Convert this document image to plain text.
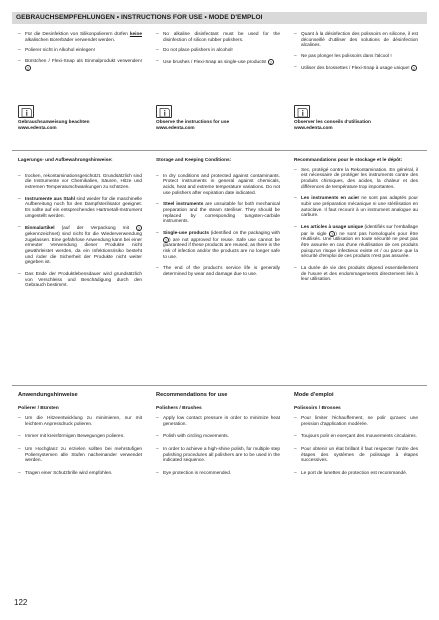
GEBRAUCHSEMPFEHLUNGEN • INSTRUCTIONS FOR USE • MODE D'EMPLOI
– Für die Desinfektion von Silikonpolierern dürfen keine alkalischen Borerbäder verwendet werden.
– Polierer nicht in Alkohol einlegen!
– Bürstchen / Flexi-Snap als Einmalprodukt verwenden! 2
– No alkaline disinfectant must be used for the disinfection of silicon rubber polishers.
– Do not place polishers in alcohol!
– Use brushes / Flexi-Snap as single-use products! 2
– Quant à la désinfection des polissoirs en silicone, il est déconseillé d'utiliser des solutions de désinfection alcalines.
– Ne pas plonger les polissoirs dans l'alcool !
– Utiliser des brossettes / Flexi-Snap à usage unique! 2
Gebrauchsanweisung beachten
www.edenta.com
Observe the instructions for use
www.edenta.com
Observer les conseils d'utilisation
www.edenta.com
Lagerungs- und Aufbewahrungshinweise:
– trocken, rekontaminationsgeschützt. Grundsätzlich sind die Instrumente vor Chemikalien, Säuren, Hitze und extremen Temperaturschwankungen zu schützen.
– Instrumente aus Stahl sind wieder für die maschinelle Aufbereitung noch für den Dampfsterilisator geeignet. Es sollte auf ein entsprechendes Hartmetall-Instrument umgestellt werden.
– Einmalartikel (auf der Verpackung mit 2 gekennzeichnet) sind nicht für die Wiederverwendung zugelassen. Eine gefahrlose Anwendung kann bei einer erneuter Verwendung dieser Produkte nicht gewährleistet werden, da ein Infektionsrisiko besteht und /oder die Sicherheit der Produkte nicht weiter gegeben ist.
– Das Ende der Produktlebensdauer wird grundsätzlich von Verschleiss und Beschädigung durch den Gebrauch bestimmt.
Storage and Keeping Conditions:
– In dry conditions and protected against contaminants. Protect instruments in general against chemicals, acids, heat and extreme temperature variations. Do not use polishers after expiration date indicated.
– Steel instruments are unsuitable for both mechanical preparation and the steam steriliser. They should be replaced by corresponding tungsten-carbide instruments.
– Single-use products (identified on the packaging with 2 ) are not approved for reuse. Safe use cannot be guaranteed if these products are reused, as there is the risk of infection and/or the products are no longer safe to use.
– The end of the product's service life is generally determined by wear and damage due to use.
Recommandations pour le stockage et le dépôt:
– Sec, protégé contre la Rekontamination. En général, il est nécessaire de protéger les instruments contre des produits chimiques, des acides, la chaleur et des différences de température trop importantes.
– Les instruments en acier ne sont pas adaptés pour subir une préparation mécanique ni une stérilisation en autoclave. Il faut recourir à un instrument analogue au carbure.
– Les articles à usage unique (identifiés sur l'emballage par le sigle 2 ) ne sont pas homologués pour être réutilisés. Une utilisation en toute sécurité ne peut pas être assurée en cas d'une réutilisation de ces produits puisqu'un risque infectieux existe et / ou parce que la sécurité d'emploi de ces produits n'est pas assurée.
– La durée de vie des produits dépend essentiellement de l'usure et des endommagements directement liés à leur utilisation.
Anwendungshinweise
Polierer / Bürsten
– Um die Hitzeentwicklung zu minimieren, nur mit leichtem Anpressdruck polieren.
– Immer mit kreisförmigen Bewegungen polieren.
– Um Hochglanz zu erzielen sollten bei mehrstufigen Poliersystemen alle Stufen nacheinander verwendet werden.
– Tragen einer Schutzbrille wird empfohlen.
Recommendations for use
Polishers / Brushes
– Apply low contact pressure in order to minimize heat generation.
– Polish with circling movements.
– In order to achieve a high-shine polish, for multiple step polishing procedures all polishers are to be used in the indicated sequence.
– Eye protection is recommended.
Mode d'emploi
Polissoirs / Brosses
– Pour limiter l'échauffement, ne polir qu'avec une pression d'application modérée.
– Toujours polir en exerçant des mouvements circulaires.
– Pour obtenir un état brillant il faut respecter l'ordre des étapes des systèmes de polissage à étapes successives.
– Le port de lunettes de protection est recommandé.
122
